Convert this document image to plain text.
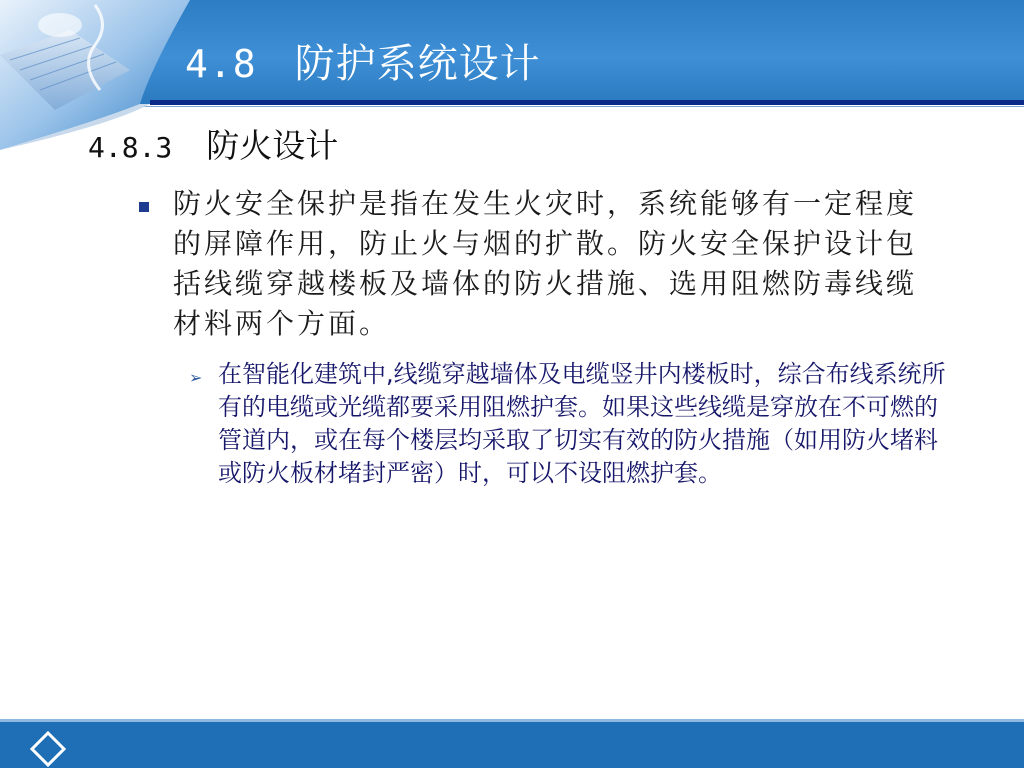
4.8 防护系统设计
4.8.3 防火设计
防火安全保护是指在发生火灾时，系统能够有一定程度的屏障作用，防止火与烟的扩散。防火安全保护设计包括线缆穿越楼板及墙体的防火措施、选用阻燃防毒线缆材料两个方面。
➢ 在智能化建筑中,线缆穿越墙体及电缆竖井内楼板时，综合布线系统所有的电缆或光缆都要采用阻燃护套。如果这些线缆是穿放在不可燃的管道内，或在每个楼层均采取了切实有效的防火措施（如用防火堵料或防火板材堵封严密）时，可以不设阻燃护套。
